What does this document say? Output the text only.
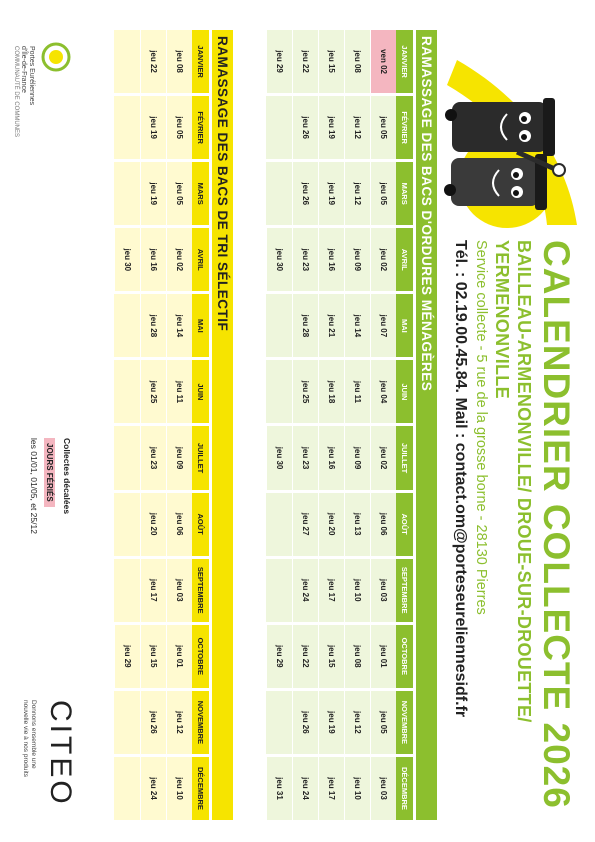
CALENDRIER COLLECTE 2026
BAILLEAU-ARMENONVILLE/ DROUE-SUR-DROUETTE/
YERMENONVILLE
Service collecte - 5 rue de la grosse borne - 28130 Pierres
Tél. : 02.19.00.45.84. Mail : contact.om@porteseureliennesidf.fr
RAMASSAGE DES BACS D'ORDURES MÉNAGÈRES
JANVIER
ven 02
jeu 08
jeu 15
jeu 22
jeu 29
FÉVRIER
jeu 05
jeu 12
jeu 19
jeu 26
MARS
jeu 05
jeu 12
jeu 19
jeu 26
AVRIL
jeu 02
jeu 09
jeu 16
jeu 23
jeu 30
MAI
jeu 07
jeu 14
jeu 21
jeu 28
JUIN
jeu 04
jeu 11
jeu 18
jeu 25
JUILLET
jeu 02
jeu 09
jeu 16
jeu 23
jeu 30
AOÛT
jeu 06
jeu 13
jeu 20
jeu 27
SEPTEMBRE
jeu 03
jeu 10
jeu 17
jeu 24
OCTOBRE
jeu 01
jeu 08
jeu 15
jeu 22
jeu 29
NOVEMBRE
jeu 05
jeu 12
jeu 19
jeu 26
DÉCEMBRE
jeu 03
jeu 10
jeu 17
jeu 24
jeu 31
RAMASSAGE DES BACS DE TRI SÉLECTIF
JANVIER
jeu 08
jeu 22
FÉVRIER
jeu 05
jeu 19
MARS
jeu 05
jeu 19
AVRIL
jeu 02
jeu 16
jeu 30
MAI
jeu 14
jeu 28
JUIN
jeu 11
jeu 25
JUILLET
jeu 09
jeu 23
AOÛT
jeu 06
jeu 20
SEPTEMBRE
jeu 03
jeu 17
OCTOBRE
jeu 01
jeu 15
jeu 29
NOVEMBRE
jeu 12
jeu 26
DÉCEMBRE
jeu 10
jeu 24
Portes Euréliennes
d'Île-de-France
COMMUNAUTÉ DE COMMUNES
Collectes décalées
JOURS FÉRIÉS
les 01/01, 01/05, et 25/12
CITEO
Donnons ensemble une
nouvelle vie à nos produits
